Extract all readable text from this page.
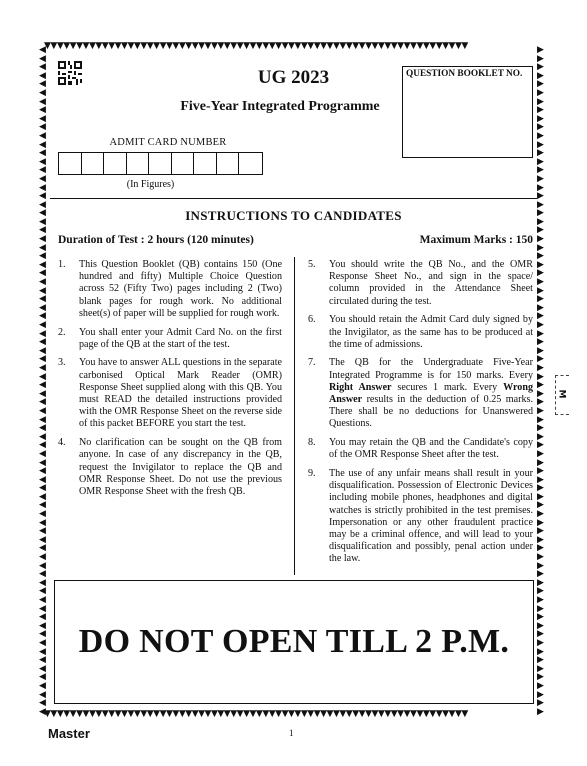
▼▼▼▼▼▼▼▼▼▼▼▼▼▼▼▼▼▼▼▼▼▼▼▼▼▼▼▼▼▼▼▼▼▼▼▼▼▼▼▼▼▼▼▼▼▼▼▼▼▼▼▼▼▼▼▼▼▼▼▼▼▼▼▼▼▼
▼▼▼▼▼▼▼▼▼▼▼▼▼▼▼▼▼▼▼▼▼▼▼▼▼▼▼▼▼▼▼▼▼▼▼▼▼▼▼▼▼▼▼▼▼▼▼▼▼▼▼▼▼▼▼▼▼▼▼▼▼▼▼▼▼▼
◀◀◀◀◀◀◀◀◀◀◀◀◀◀◀◀◀◀◀◀◀◀◀◀◀◀◀◀◀◀◀◀◀◀◀◀◀◀◀◀◀◀◀◀◀◀◀◀◀◀◀◀◀◀◀◀◀◀◀◀◀◀◀◀◀◀◀◀◀◀◀◀◀◀◀◀◀◀
▶▶▶▶▶▶▶▶▶▶▶▶▶▶▶▶▶▶▶▶▶▶▶▶▶▶▶▶▶▶▶▶▶▶▶▶▶▶▶▶▶▶▶▶▶▶▶▶▶▶▶▶▶▶▶▶▶▶▶▶▶▶▶▶▶▶▶▶▶▶▶▶▶▶▶▶▶▶
UG 2023
Five-Year Integrated Programme
QUESTION BOOKLET NO.
ADMIT CARD NUMBER
(In Figures)
INSTRUCTIONS TO CANDIDATES
Duration of Test : 2 hours (120 minutes)	Maximum Marks : 150
1.	This Question Booklet (QB) contains 150 (One hundred and fifty) Multiple Choice Question across 52 (Fifty Two) pages including 2 (Two) blank pages for rough work. No additional sheet(s) of paper will be supplied for rough work.
2.	You shall enter your Admit Card No. on the first page of the QB at the start of the test.
3.	You have to answer ALL questions in the separate carbonised Optical Mark Reader (OMR) Response Sheet supplied along with this QB. You must READ the detailed instructions provided with the OMR Response Sheet on the reverse side of this packet BEFORE you start the test.
4.	No clarification can be sought on the QB from anyone. In case of any discrepancy in the QB, request the Invigilator to replace the QB and OMR Response Sheet. Do not use the previous OMR Response Sheet with the fresh QB.
5.	You should write the QB No., and the OMR Response Sheet No., and sign in the space/ column provided in the Attendance Sheet circulated during the test.
6.	You should retain the Admit Card duly signed by the Invigilator, as the same has to be produced at the time of admissions.
7.	The QB for the Undergraduate Five-Year Integrated Programme is for 150 marks. Every Right Answer secures 1 mark. Every Wrong Answer results in the deduction of 0.25 marks. There shall be no deductions for Unanswered Questions.
8.	You may retain the QB and the Candidate's copy of the OMR Response Sheet after the test.
9.	The use of any unfair means shall result in your disqualification. Possession of Electronic Devices including mobile phones, headphones and digital watches is strictly prohibited in the test premises. Impersonation or any other fraudulent practice may be a criminal offence, and will lead to your disqualification and possibly, penal action under the law.
DO NOT OPEN TILL 2 P.M.
M
Master	1
